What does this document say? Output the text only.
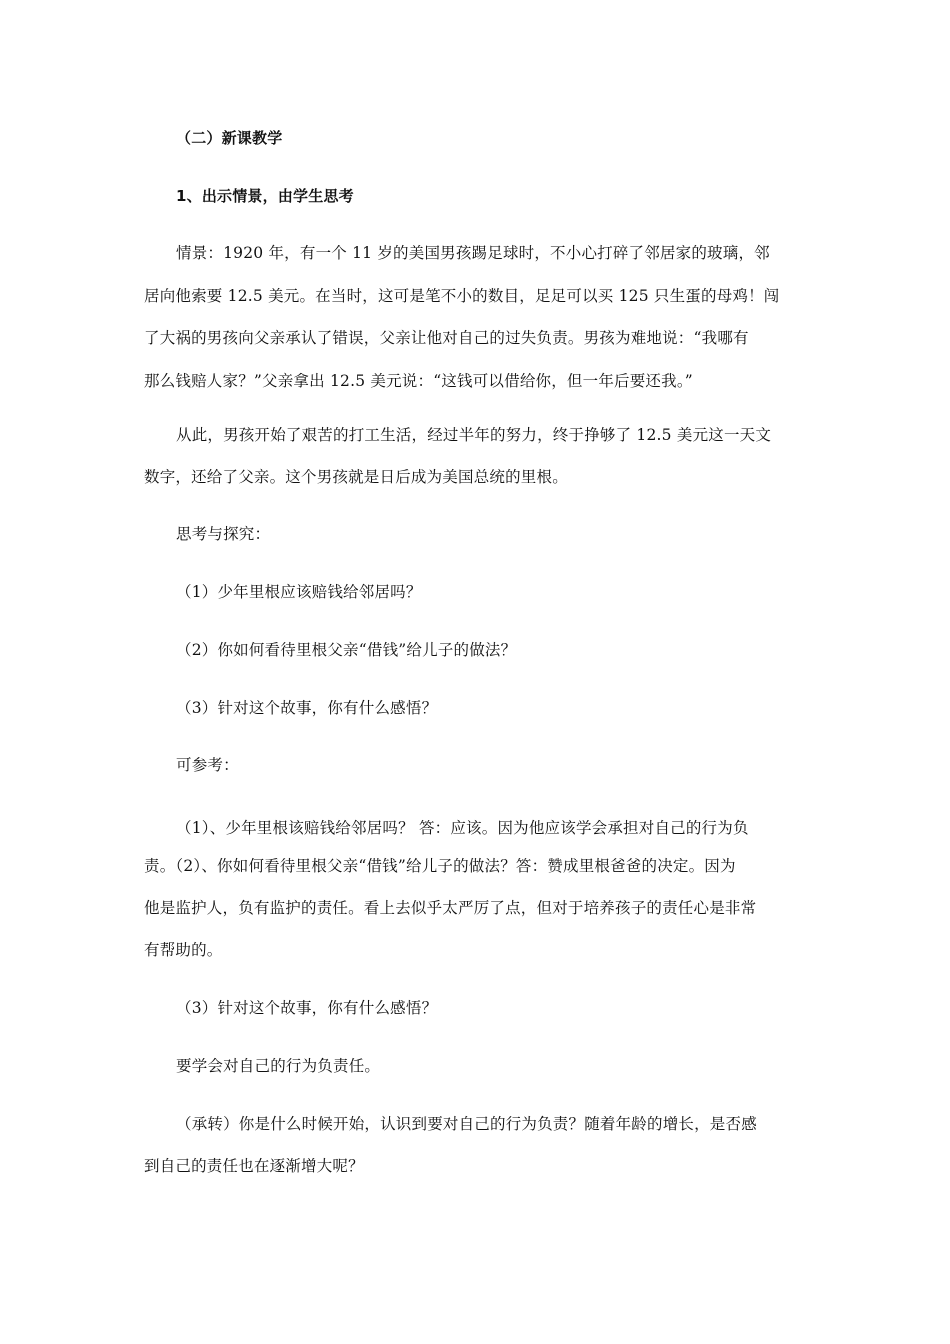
（二）新课教学
1、出示情景，由学生思考
情景：1920 年，有一个 11 岁的美国男孩踢足球时，不小心打碎了邻居家的玻璃，邻
居向他索要 12.5 美元。在当时，这可是笔不小的数目，足足可以买 125 只生蛋的母鸡！闯
了大祸的男孩向父亲承认了错误，父亲让他对自己的过失负责。男孩为难地说：“我哪有
那么钱赔人家？”父亲拿出 12.5 美元说：“这钱可以借给你，但一年后要还我。”
从此，男孩开始了艰苦的打工生活，经过半年的努力，终于挣够了 12.5 美元这一天文
数字，还给了父亲。这个男孩就是日后成为美国总统的里根。
思考与探究：
（1）少年里根应该赔钱给邻居吗？
（2）你如何看待里根父亲“借钱”给儿子的做法？
（3）针对这个故事，你有什么感悟？
可参考：
（1）、少年里根该赔钱给邻居吗？ 答：应该。因为他应该学会承担对自己的行为负
责。（2）、你如何看待里根父亲“借钱”给儿子的做法？答：赞成里根爸爸的决定。因为
他是监护人，负有监护的责任。看上去似乎太严厉了点，但对于培养孩子的责任心是非常
有帮助的。
（3）针对这个故事，你有什么感悟？
要学会对自己的行为负责任。
（承转）你是什么时候开始，认识到要对自己的行为负责？随着年龄的增长，是否感
到自己的责任也在逐渐增大呢？
